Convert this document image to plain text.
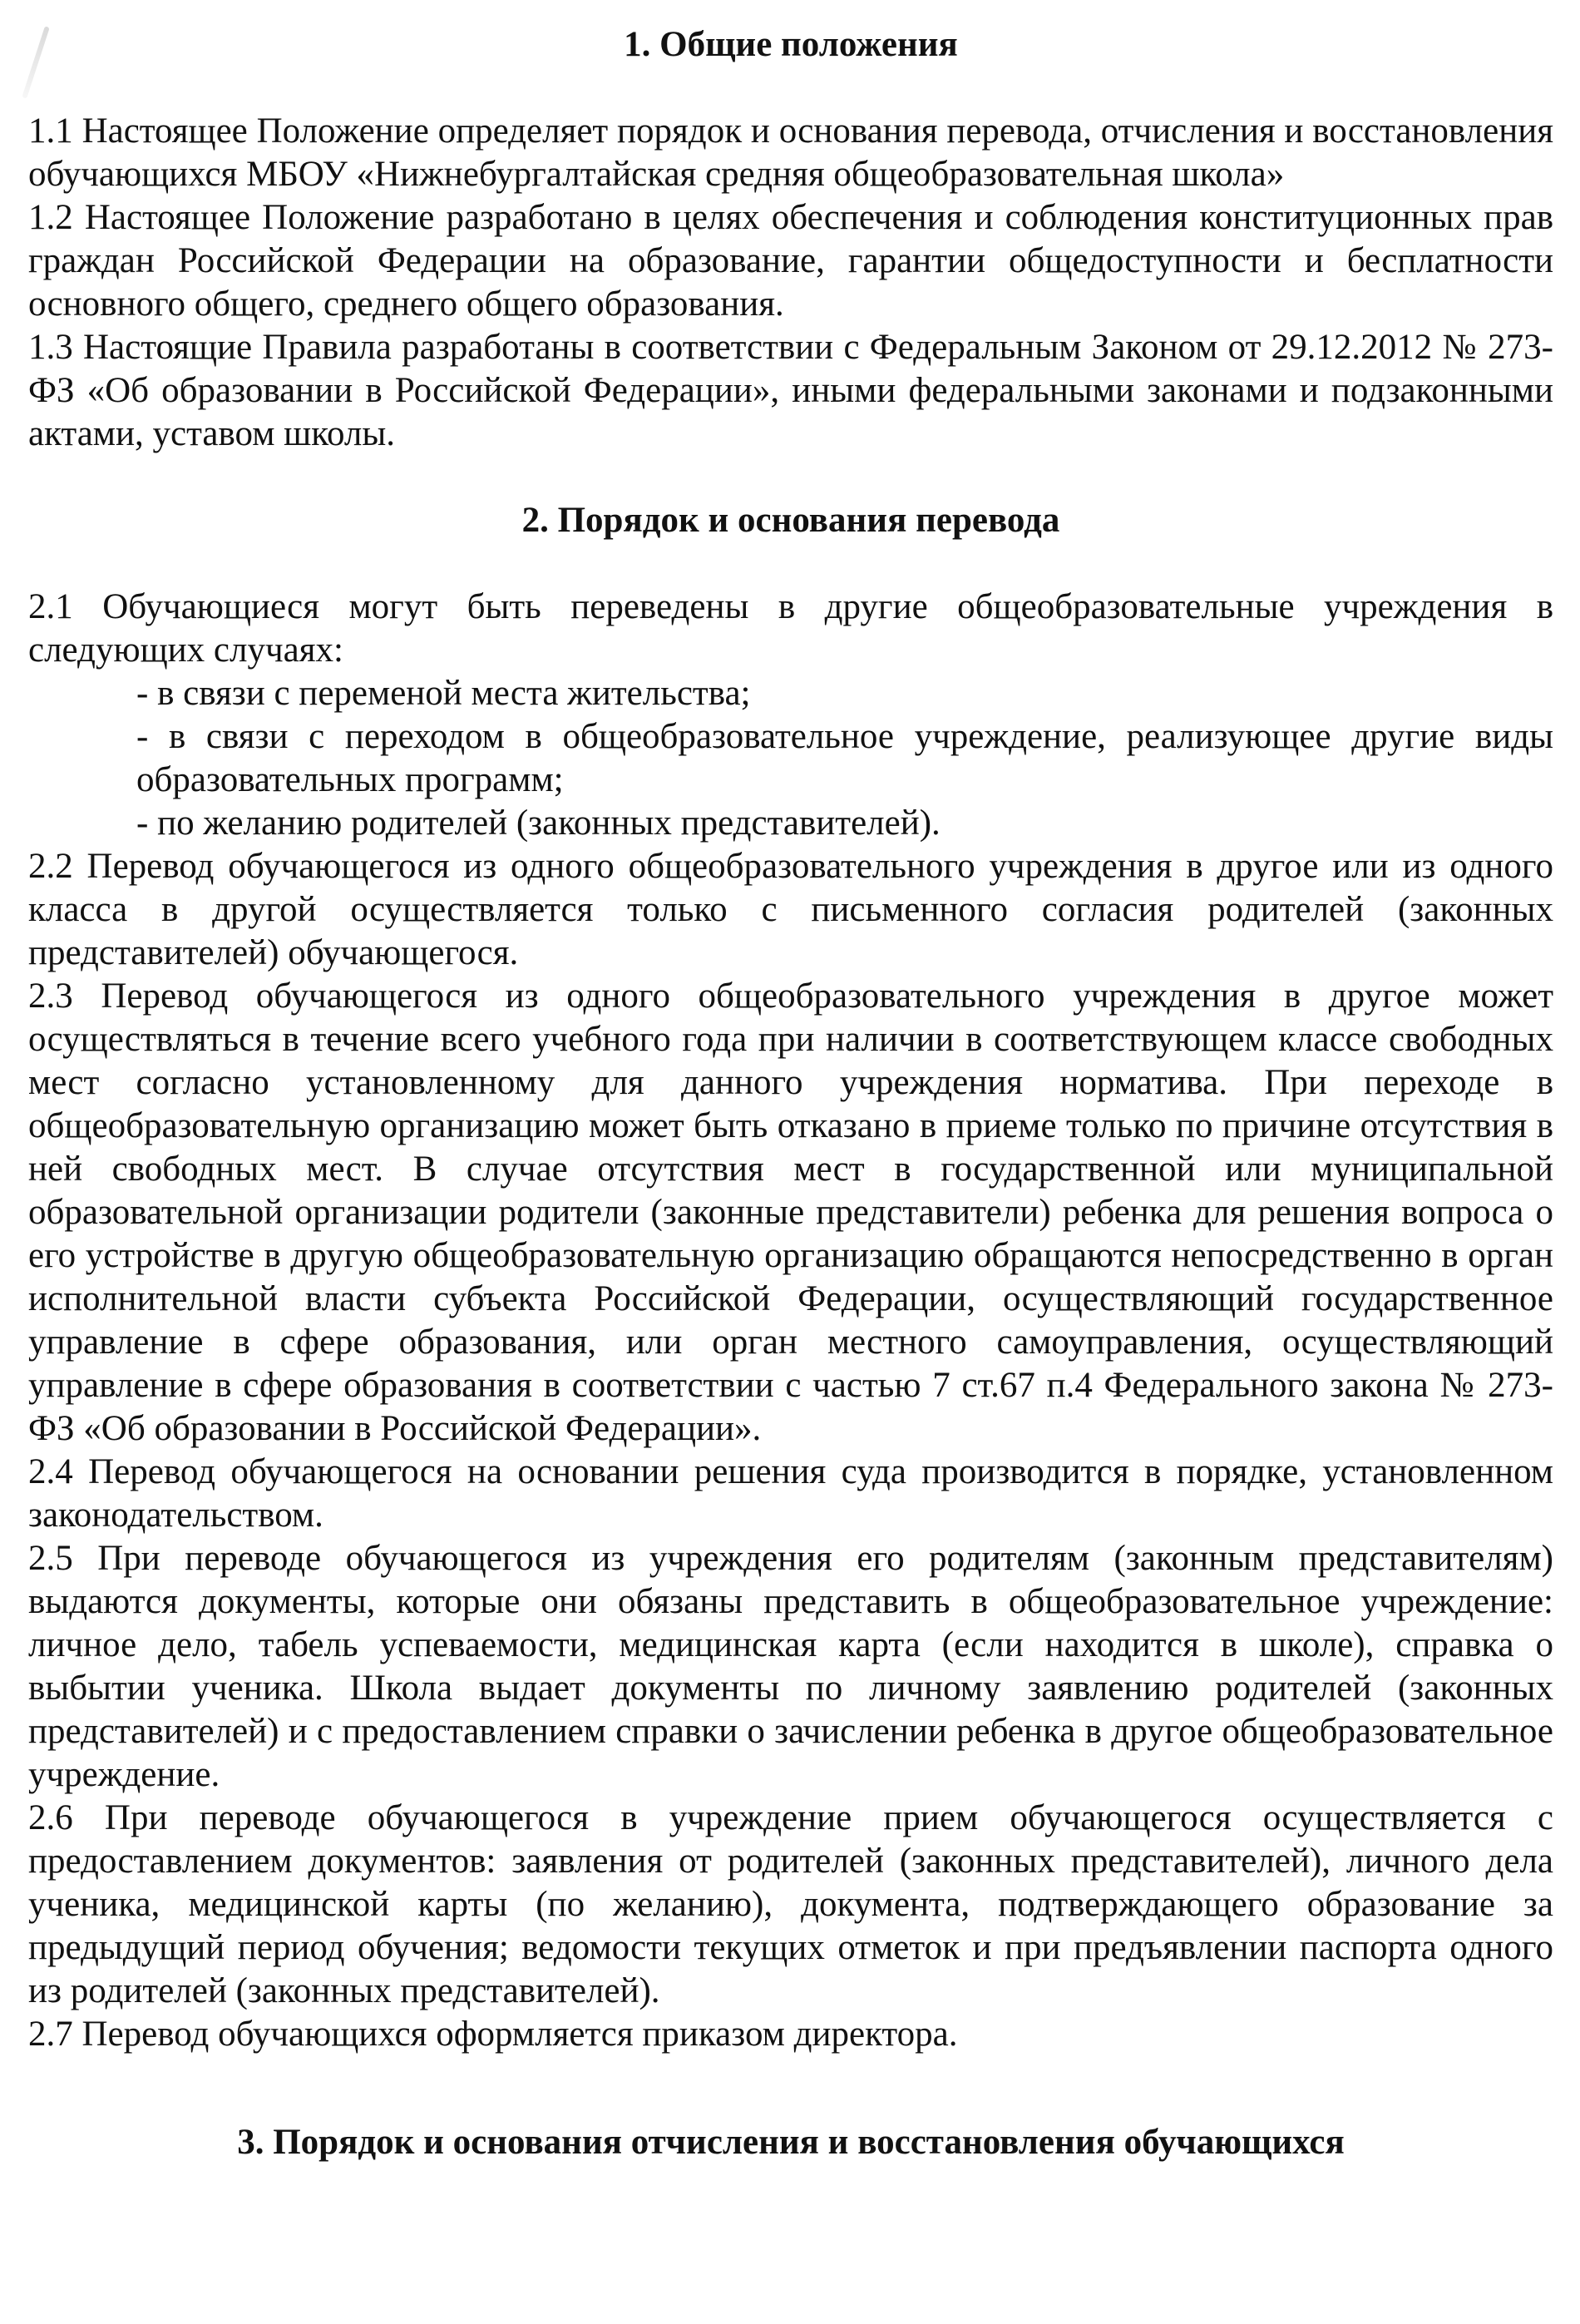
1. Общие положения

1.1 Настоящее Положение определяет порядок и основания перевода, отчисления и восстановления обучающихся МБОУ «Нижнебургалтайская средняя общеобразовательная школа»

1.2 Настоящее Положение разработано в целях обеспечения и соблюдения конституционных прав граждан Российской Федерации на образование, гарантии общедоступности и бесплатности основного общего, среднего общего образования.

1.3 Настоящие Правила разработаны в соответствии с Федеральным Законом от 29.12.2012 № 273-ФЗ «Об образовании в Российской Федерации», иными федеральными законами и подзаконными актами, уставом школы.

2. Порядок и основания перевода

2.1 Обучающиеся могут быть переведены в другие общеобразовательные учреждения в следующих случаях:

- в связи с переменой места жительства;

- в связи с переходом в общеобразовательное учреждение, реализующее другие виды образовательных программ;

- по желанию родителей (законных представителей).

2.2 Перевод обучающегося из одного общеобразовательного учреждения в другое или из одного класса в другой осуществляется только с письменного согласия родителей (законных представителей) обучающегося.

2.3 Перевод обучающегося из одного общеобразовательного учреждения в другое может осуществляться в течение всего учебного года при наличии в соответствующем классе свободных мест согласно установленному для данного учреждения норматива. При переходе в общеобразовательную организацию может быть отказано в приеме только по причине отсутствия в ней свободных мест. В случае отсутствия мест в государственной или муниципальной образовательной организации родители (законные представители) ребенка для решения вопроса о его устройстве в другую общеобразовательную организацию обращаются непосредственно в орган исполнительной власти субъекта Российской Федерации, осуществляющий государственное управление в сфере образования, или орган местного самоуправления, осуществляющий управление в сфере образования в соответствии с частью 7 ст.67 п.4 Федерального закона № 273-ФЗ «Об образовании в Российской Федерации».

2.4 Перевод обучающегося на основании решения суда производится в порядке, установленном законодательством.

2.5 При переводе обучающегося из учреждения его родителям (законным представителям) выдаются документы, которые они обязаны представить в общеобразовательное учреждение: личное дело, табель успеваемости, медицинская карта (если находится в школе), справка о выбытии ученика. Школа выдает документы по личному заявлению родителей (законных представителей) и с предоставлением справки о зачислении ребенка в другое общеобразовательное учреждение.

2.6 При переводе обучающегося в учреждение прием обучающегося осуществляется с предоставлением документов: заявления от родителей (законных представителей), личного дела ученика, медицинской карты (по желанию), документа, подтверждающего образование за предыдущий период обучения; ведомости текущих отметок и при предъявлении паспорта одного из родителей (законных представителей).

2.7 Перевод обучающихся оформляется приказом директора.

3. Порядок и основания отчисления и восстановления обучающихся
